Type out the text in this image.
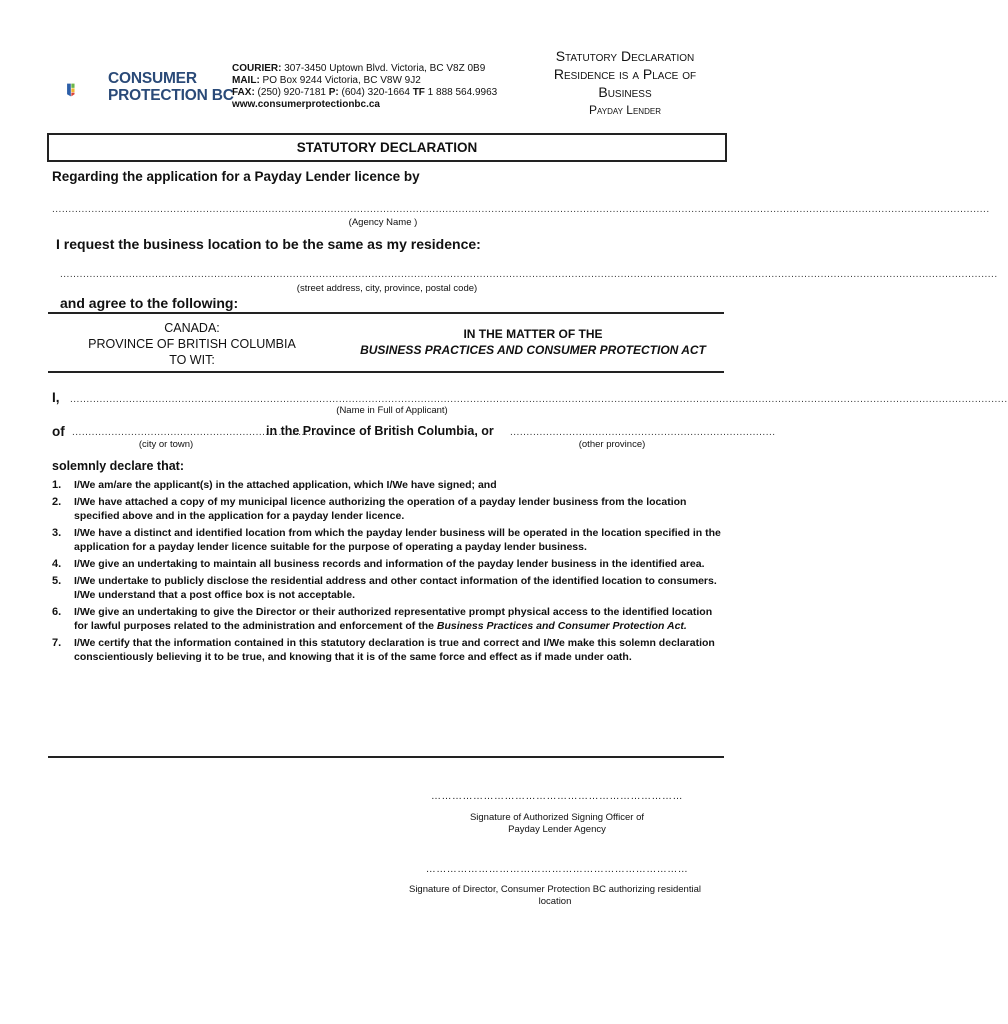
CONSUMER
PROTECTION BC
COURIER: 307-3450 Uptown Blvd. Victoria, BC V8Z 0B9
MAIL: PO Box 9244 Victoria, BC V8W 9J2
FAX: (250) 920-7181 P: (604) 320-1664 TF 1 888 564.9963
www.consumerprotectionbc.ca
Statutory Declaration
Residence is a Place of
Business
Payday Lender
STATUTORY DECLARATION
Regarding the application for a Payday Lender licence by
..............................................................................................................................................................................................................................................................................................
(Agency Name )
I request the business location to be the same as my residence:
..............................................................................................................................................................................................................................................................................................
(street address, city, province, postal code)
and agree to the following:
CANADA:
PROVINCE OF BRITISH COLUMBIA
TO WIT:
IN THE MATTER OF THE
BUSINESS PRACTICES AND CONSUMER PROTECTION ACT
I, ..............................................................................................................................................................................................................................................................................................
(Name in Full of Applicant)
of .................................................................................
in the Province of British Columbia, or .................................................................................
(city or town)	(other province)
solemnly declare that:
1.	I/We am/are the applicant(s) in the attached application, which I/We have signed; and
2.	I/We have attached a copy of my municipal licence authorizing the operation of a payday lender business from the location specified above and in the application for a payday lender licence.
3.	I/We have a distinct and identified location from which the payday lender business will be operated in the location specified in the application for a payday lender licence suitable for the purpose of operating a payday lender business.
4.	I/We give an undertaking to maintain all business records and information of the payday lender business in the identified area.
5.	I/We undertake to publicly disclose the residential address and other contact information of the identified location to consumers. I/We understand that a post office box is not acceptable.
6.	I/We give an undertaking to give the Director or their authorized representative prompt physical access to the identified location for lawful purposes related to the administration and enforcement of the Business Practices and Consumer Protection Act.
7.	I/We certify that the information contained in this statutory declaration is true and correct and I/We make this solemn declaration conscientiously believing it to be true, and knowing that it is of the same force and effect as if made under oath.
………………………………………………………………
Signature of Authorized Signing Officer of
Payday Lender Agency
…………………………………………………………………
Signature of Director, Consumer Protection BC authorizing residential
location
